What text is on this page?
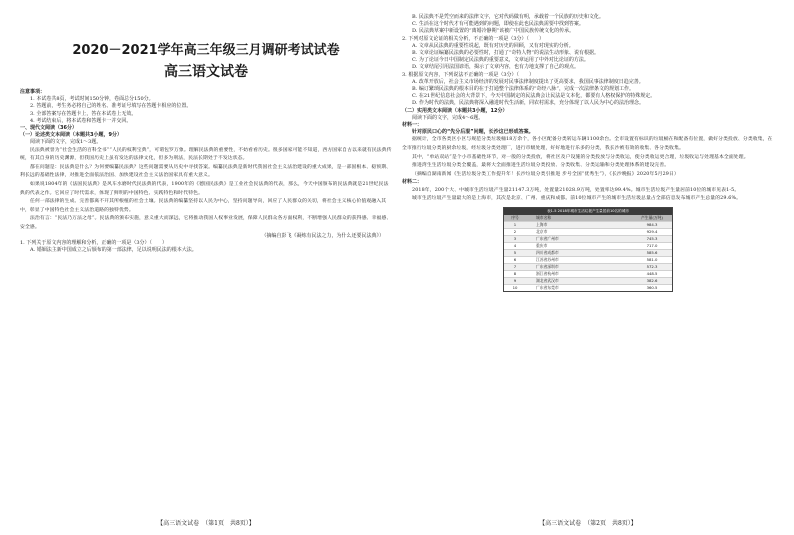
2020－2021学年高三年级三月调研考试试卷
高三语文试卷

注意事项：

1. 本试卷共8页，考试时间150分钟，卷面总分150分。

2. 答题前，考生务必将自己的姓名、准考证号填写在答题卡相应的位置。

3. 全部答案写在答题卡上，答在本试卷上无效。

4. 考试结束后，将本试卷和答题卡一并交回。

一、现代文阅读（36分）

（一）论述类文本阅读（本题共3小题，9分）

阅读下面的文字，完成1～3题。

民法典被誉为“社会生活的百科全书”“人民的权利宝典”，可谓包罗万象。理解民法典的重要性，不妨看看历史。很多国家可能不知道，西方国家自古以来就有民法典传统，有其自身的历史渊源，但我国历史上虽有发达的法律文化，但多为刑法，民法长期处于不发达状态。

都在问题是：民法典是什么？为何要编纂民法典？这些问题需要从历史中寻找答案。编纂民法典是新时代我国社会主义法治建设的重大成果，是一部固根本、稳预期、利长远的基础性法律，对推进全面依法治国、加快建设社会主义法治国家具有重大意义。

如果说1804年的《法国民法典》是风车水磨时代民法典的代表，1900年的《德国民法典》是工业社会民法典的代表，那么，今天中国颁布的民法典就是21世纪民法典的代表之作。它回应了时代需求，体现了鲜明的中国特色、实践特色和时代特色。

任何一部法律的生成、完善都离不开其所根植的社会土壤。民法典的编纂坚持以人民为中心，坚持问题导向，回应了人民群众的关切，将社会主义核心价值观融入其中，彰显了中国特色社会主义法治道路的独特优势。

法治有言：“民法乃万法之母”。民法典的颁布实施，意义重大而深远，它将推动我国人权事业发展，保障人民群众各方面权利，不断增强人民群众的获得感、幸福感、安全感。

（摘编自彭飞《凝练有民法之力，为什么还要民法典》）

1. 下列关于原文内容的理解和分析，正确的一项是（3分）（　　）

A. 婚姻法主新中国成立之后颁布的第一部法律，足以说明民法的根本大法。

【高三语文试卷　（第1页　共8页）】

B. 民法典不是凭空而来的法律文字，它对代码做有明，承载着一个民族的历史和文化。

C. 生活在这个时代才有可能遇到的问题，即使在此也民法典需要中找到答案。

D. 民法典草案中新设置的“离婚冷静期”该被广中国民族传统文化的传承。

2. 下列对原文论证的相关分析，不正确的一项是（3分）（　　）

A. 文章从民法典的重要性说起，既有对历史的回顾，又有对现实的分析。

B. 文章论证编纂民法典的必要性时，打通了“奇特人物”的说法生动形象、说有根据。

C. 为了论证今日中国制定民法典的重要意义，文章运用了中外对比论证的方法。

D. 文章结尾引用法国谚语，揭示了文章内容，也有力地支撑了自己的观点。

3. 根据原文内容，下列说法不正确的一项是（3分）（　　）

A. 改革开放后，社会主义市场经济的发展对民事法律制度提出了更高要求，我国民事法律制度日趋完善。

B. 编订繁琐民法典的根本目的在于打通整个法律体系的“奇经八脉”，完成一次法律条文的规划工作。

C. 在21世纪信息社会的大背景下，今天中国制定的民法典会让民法是文本化，都要有人格权保护的特殊规定。

D. 作为时代的法典，民法典将深入融进时代生活新，同农村需求，充分体现了以人民为中心的法治理念。

（二）实用类文本阅读（本题共3小题，12分）

阅读下面的文字，完成4～6题。

材料一：

针对原民口心的“先分后混”问题，长沙这已形成答案。

据统计，全市各类区小区与规范分类垃圾桶18万余个，各小区配备分类转运车辆1100余台。全市设置有标识的垃圾桶在和配备有位置，做好分类投放、分类收集，在全市推行垃圾分类的厨余垃圾，经垃圾分类处理厂，进行市级处理，好好地进行乐多的分类，我长沙被有效的收集、各分类收集。

其中，“单站双站”是个小市基础性环节，对一般的分类投放，将社区及户设施的分类投放与分类收运，使分类收运更合理，垃圾收运与处理基本全面处理。

推进湾生生活垃圾分类全覆盖，最将大全面推进生活垃圾分类投放、分类收集、分类运输和分类处理体系的建设完善。

（摘编自湖南新闻《生活垃圾分类工作提升年！长沙垃圾分类引推进 步号全国“优秀生”》，《长沙晚报》2020年5月29日）

材料二：

2018年，200个大、中城市生活垃圾产生量21147.3万吨，处置量21028.9万吨，处置率达99.4%。城市生活垃圾产生量居前10位的城市见表1-5。

城市生活垃圾产生量最大的是上海市，其次是北京、广州、重庆和成都。前10位城市产生的城市生活垃圾总量占全部信息发布城市产生总量的29.6%。

表1-5 2018年城市生活垃圾产生量居前10名的城市
序号	城市名称	产生量(万吨)
1	上海市	984.3
2	北京市	929.4
3	广东省广州市	745.3
4	重庆市	717.0
5	四川省成都市	585.6
6	江苏省苏州市	581.0
7	广东省深圳市	572.3
8	浙江省杭州市	448.5
9	湖北省武汉市	382.6
10	广东省东莞市	360.5
【高三语文试卷　（第2页　共8页）】
